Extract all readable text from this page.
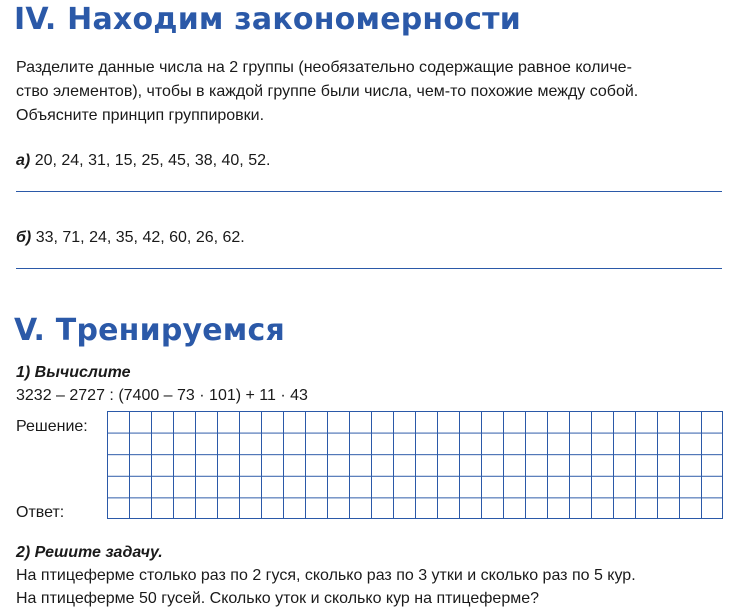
IV. Находим закономерности
Разделите данные числа на 2 группы (необязательно содержащие равное количе-
ство элементов), чтобы в каждой группе были числа, чем-то похожие между собой.
Объясните принцип группировки.
а) 20, 24, 31, 15, 25, 45, 38, 40, 52.
б) 33, 71, 24, 35, 42, 60, 26, 62.
V. Тренируемся
1) Вычислите
3232 – 2727 : (7400 – 73 · 101) + 11 · 43
Решение:
Ответ:
2) Решите задачу.
На птицеферме столько раз по 2 гуся, сколько раз по 3 утки и сколько раз по 5 кур.
На птицеферме 50 гусей. Сколько уток и сколько кур на птицеферме?
